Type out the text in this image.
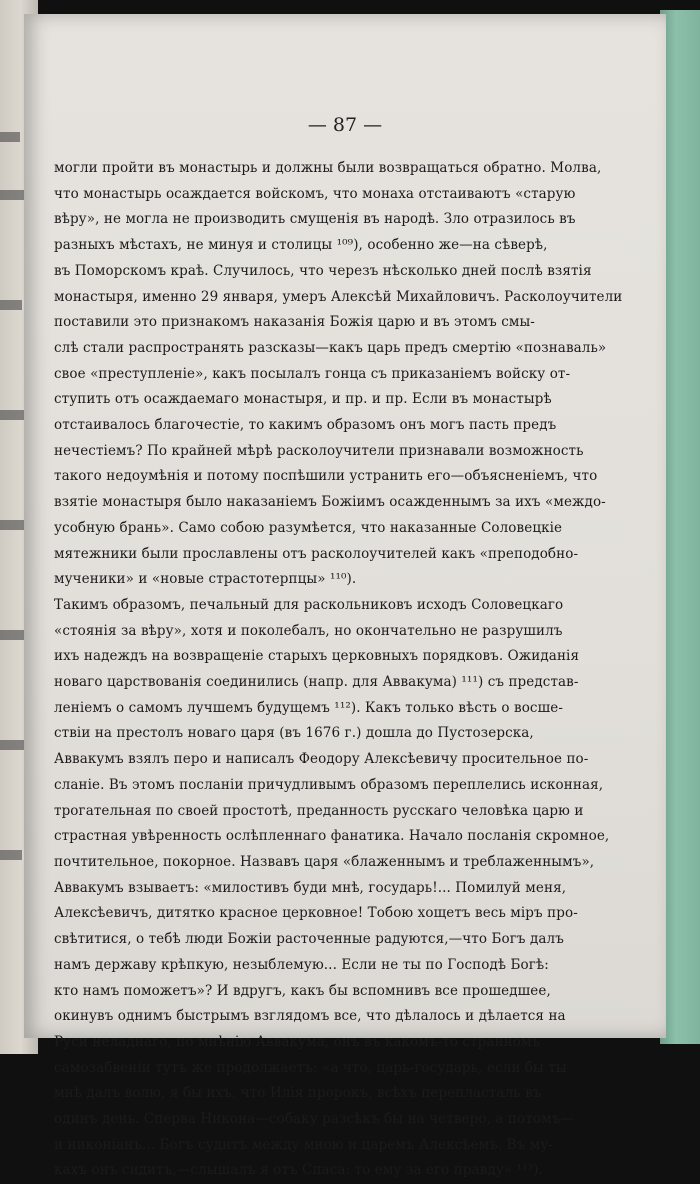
— 87 —

могли пройти въ монастырь и должны были возвращаться обратно. Молва,

что монастырь осаждается войскомъ, что монаха отстаиваютъ «старую

вѣру», не могла не производить смущенія въ народѣ. Зло отразилось въ

разныхъ мѣстахъ, не минуя и столицы ¹⁰⁹), особенно же—на сѣверѣ,

въ Поморскомъ краѣ. Случилось, что черезъ нѣсколько дней послѣ взятія

монастыря, именно 29 января, умеръ Алексѣй Михайловичъ. Расколоучители

поставили это признакомъ наказанія Божія царю и въ этомъ смы-

слѣ стали распространять разсказы—какъ царь предъ смертію «познаваль»

свое «преступленіе», какъ посылалъ гонца съ приказаніемъ войску от-

ступить отъ осаждаемаго монастыря, и пр. и пр. Если въ монастырѣ

отстаивалось благочестіе, то какимъ образомъ онъ могъ пасть предъ

нечестіемъ? По крайней мѣрѣ расколоучители признавали возможность

такого недоумѣнія и потому поспѣшили устранить его—объясненіемъ, что

взятіе монастыря было наказаніемъ Божіимъ осажденнымъ за ихъ «междо-

усобную брань». Само собою разумѣется, что наказанные Соловецкіе

мятежники были прославлены отъ расколоучителей какъ «преподобно-

мученики» и «новые страстотерпцы» ¹¹⁰).

Такимъ образомъ, печальный для раскольниковъ исходъ Соловецкаго

«стоянія за вѣру», хотя и поколебалъ, но окончательно не разрушилъ

ихъ надеждъ на возвращеніе старыхъ церковныхъ порядковъ. Ожиданія

новаго царствованія соединились (напр. для Аввакума) ¹¹¹) съ представ-

леніемъ о самомъ лучшемъ будущемъ ¹¹²). Какъ только вѣсть о восше-

ствіи на престолъ новаго царя (въ 1676 г.) дошла до Пустозерска,

Аввакумъ взялъ перо и написалъ Феодору Алексѣевичу просительное по-

сланіе. Въ этомъ посланіи причудливымъ образомъ переплелись исконная,

трогательная по своей простотѣ, преданность русскаго человѣка царю и

страстная увѣренность ослѣпленнаго фанатика. Начало посланія скромное,

почтительное, покорное. Назвавъ царя «блаженнымъ и треблаженнымъ»,

Аввакумъ взываетъ: «милостивъ буди мнѣ, государь!... Помилуй меня,

Алексѣевичъ, дитятко красное церковное! Тобою хощетъ весь міръ про-

свѣтитися, о тебѣ люди Божіи расточенные радуются,—что Богъ далъ

намъ державу крѣпкую, незыблемую... Если не ты по Господѣ Богѣ:

кто намъ поможетъ»? И вдругъ, какъ бы вспомнивъ все прошедшее,

окинувъ однимъ быстрымъ взглядомъ все, что дѣлалось и дѣлается на

Руси неладнаго, по мнѣнію Аввакума, онъ въ какомъ-то странномъ

самозабвеніи тутъ же продолжаетъ: «а что, царь-государь, если бы ты

мнѣ далъ волю, я бы ихъ, что Илія пророкъ, всѣхъ перепласталь въ

одинъ день. Сперва Никона—собаку разсѣкъ бы на четверо, а потомъ—

и никоніанъ... Богъ судитъ между мною и царемъ Алексѣемъ. Въ му-

кахъ онъ сидитъ,—слышалъ я отъ Спаса: то ему за его правду» ¹¹³).
